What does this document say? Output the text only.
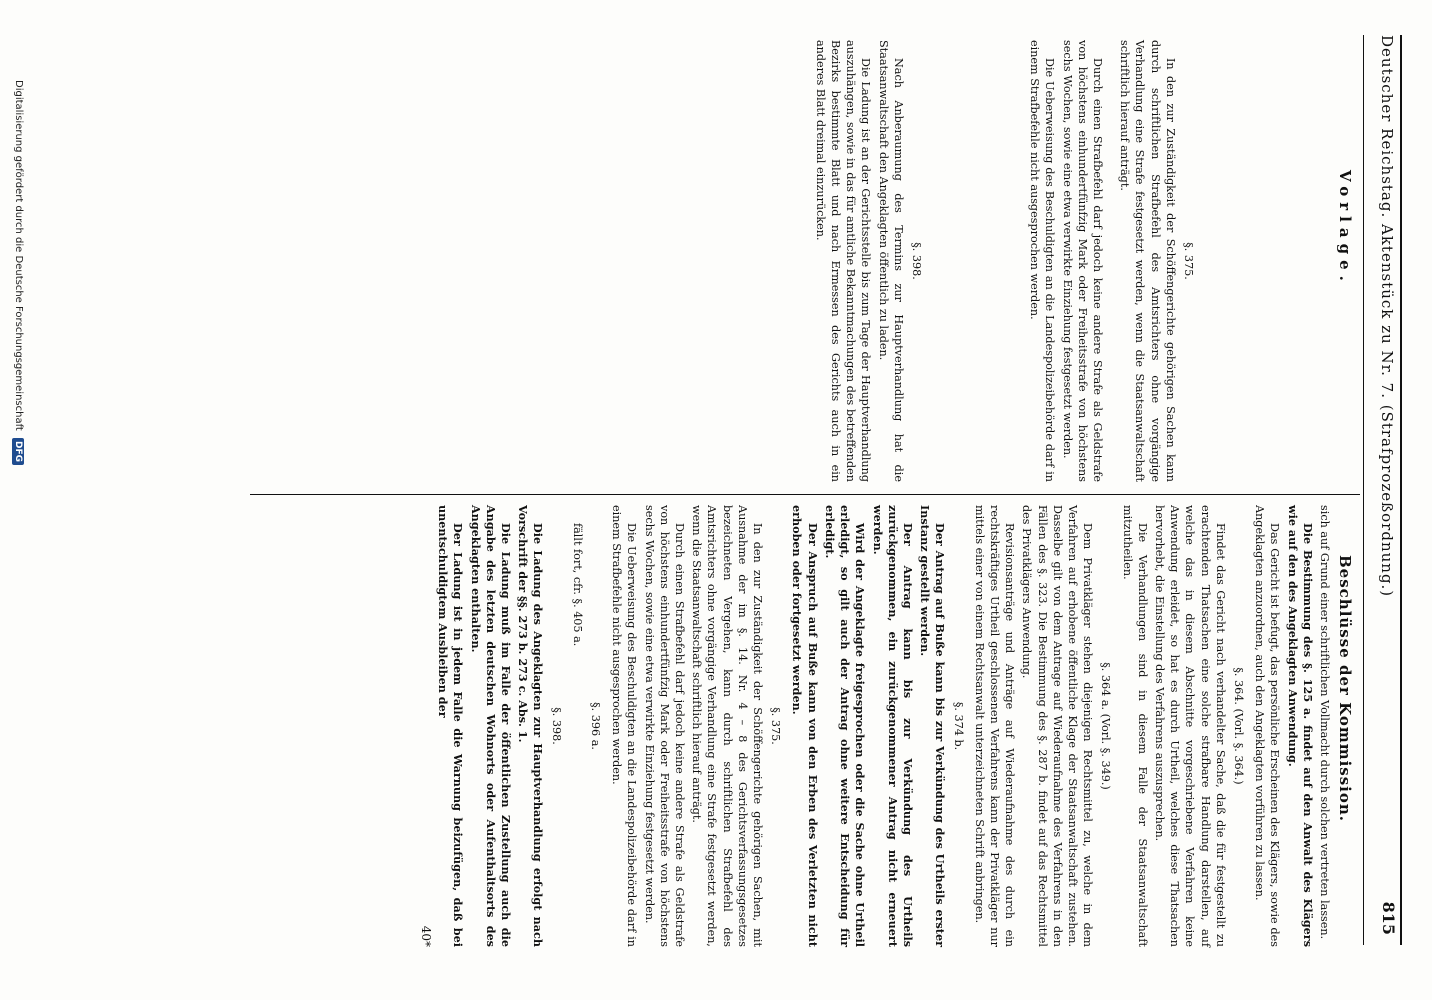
Deutscher Reichstag. Aktenstück zu Nr. 7. (Strafprozeßordnung.)
815
Vorlage.
Beschlüsse der Kommission.

§. 375.

In den zur Zuständigkeit der Schöffengerichte gehörigen Sachen kann durch schriftlichen Strafbefehl des Amtsrichters ohne vorgängige Verhandlung eine Strafe festgesetzt werden, wenn die Staatsanwaltschaft schriftlich hierauf anträgt.

Durch einen Strafbefehl darf jedoch keine andere Strafe als Geldstrafe von höchstens einhundertfünfzig Mark oder Freiheitsstrafe von höchstens sechs Wochen, sowie eine etwa verwirkte Einziehung festgesetzt werden.

Die Ueberweisung des Beschuldigten an die Landespolizeibehörde darf in einem Strafbefehle nicht ausgesprochen werden.

§. 398.

Nach Anberaumung des Termins zur Hauptverhandlung hat die Staatsanwaltschaft den Angeklagten öffentlich zu laden.

Die Ladung ist an der Gerichtsstelle bis zum Tage der Hauptverhandlung auszuhängen, sowie in das für amtliche Bekanntmachungen des betreffenden Bezirks bestimmte Blatt und nach Ermessen des Gerichts auch in ein anderes Blatt dreimal einzurücken.

sich auf Grund einer schriftlichen Vollmacht durch solchen vertreten lassen.

Die Bestimmung des §. 125 a. findet auf den Anwalt des Klägers wie auf den des Angeklagten Anwendung.

Das Gericht ist befugt, das persönliche Erscheinen des Klägers, sowie des Angeklagten anzuordnen, auch den Angeklagten vorführen zu lassen.

§. 364. (Vorl. §. 364.)

Findet das Gericht nach verhandelter Sache, daß die für festgestellt zu erachtenden Thatsachen eine solche strafbare Handlung darstellen, auf welche das in diesem Abschnitte vorgeschriebene Verfahren keine Anwendung erleidet, so hat es durch Urtheil, welches diese Thatsachen hervorhebt, die Einstellung des Verfahrens auszusprechen.

Die Verhandlungen sind in diesem Falle der Staatsanwaltschaft mitzutheilen.

§. 364 a. (Vorl. §. 349.)

Dem Privatkläger stehen diejenigen Rechtsmittel zu, welche in dem Verfahren auf erhobene öffentliche Klage der Staatsanwaltschaft zustehen. Dasselbe gilt von dem Antrage auf Wiederaufnahme des Verfahrens in den Fällen des §. 323. Die Bestimmung des §. 287 b. findet auf das Rechtsmittel des Privatklägers Anwendung.

Revisionsanträge und Anträge auf Wiederaufnahme des durch ein rechtskräftiges Urtheil geschlossenen Verfahrens kann der Privatkläger nur mittels einer von einem Rechtsanwalt unterzeichneten Schrift anbringen.

§. 374 b.

Der Antrag auf Buße kann bis zur Verkündung des Urtheils erster Instanz gestellt werden.

Der Antrag kann bis zur Verkündung des Urtheils zurückgenommen, ein zurückgenommener Antrag nicht erneuert werden.

Wird der Angeklagte freigesprochen oder die Sache ohne Urtheil erledigt, so gilt auch der Antrag ohne weitere Entscheidung für erledigt.

Der Anspruch auf Buße kann von den Erben des Verletzten nicht erhoben oder fortgesetzt werden.

§. 375.

In den zur Zuständigkeit der Schöffengerichte gehörigen Sachen, mit Ausnahme der im §. 14. Nr. 4 – 8 des Gerichtsverfassungsgesetzes bezeichneten Vergehen, kann durch schriftlichen Strafbefehl des Amtsrichters ohne vorgängige Verhandlung eine Strafe festgesetzt werden, wenn die Staatsanwaltschaft schriftlich hierauf anträgt.

Durch einen Strafbefehl darf jedoch keine andere Strafe als Geldstrafe von höchstens einhundertfünfzig Mark oder Freiheitsstrafe von höchstens sechs Wochen, sowie eine etwa verwirkte Einziehung festgesetzt werden.

Die Ueberweisung des Beschuldigten an die Landespolizeibehörde darf in einem Strafbefehle nicht ausgesprochen werden.

§. 396 a.

fällt fort, cfr. §. 405 a.

§. 398.

Die Ladung des Angeklagten zur Hauptverhandlung erfolgt nach Vorschrift der §§. 273 b. 273 c. Abs. 1.

Die Ladung muß im Falle der öffentlichen Zustellung auch die Angabe des letzten deutschen Wohnorts oder Aufenthaltsorts des Angeklagten enthalten.

Der Ladung ist in jedem Falle die Warnung beizufügen, daß bei unentschuldigtem Ausbleiben der

40*
Digitalisierung gefördert durch die Deutsche Forschungsgemeinschaft DFG
